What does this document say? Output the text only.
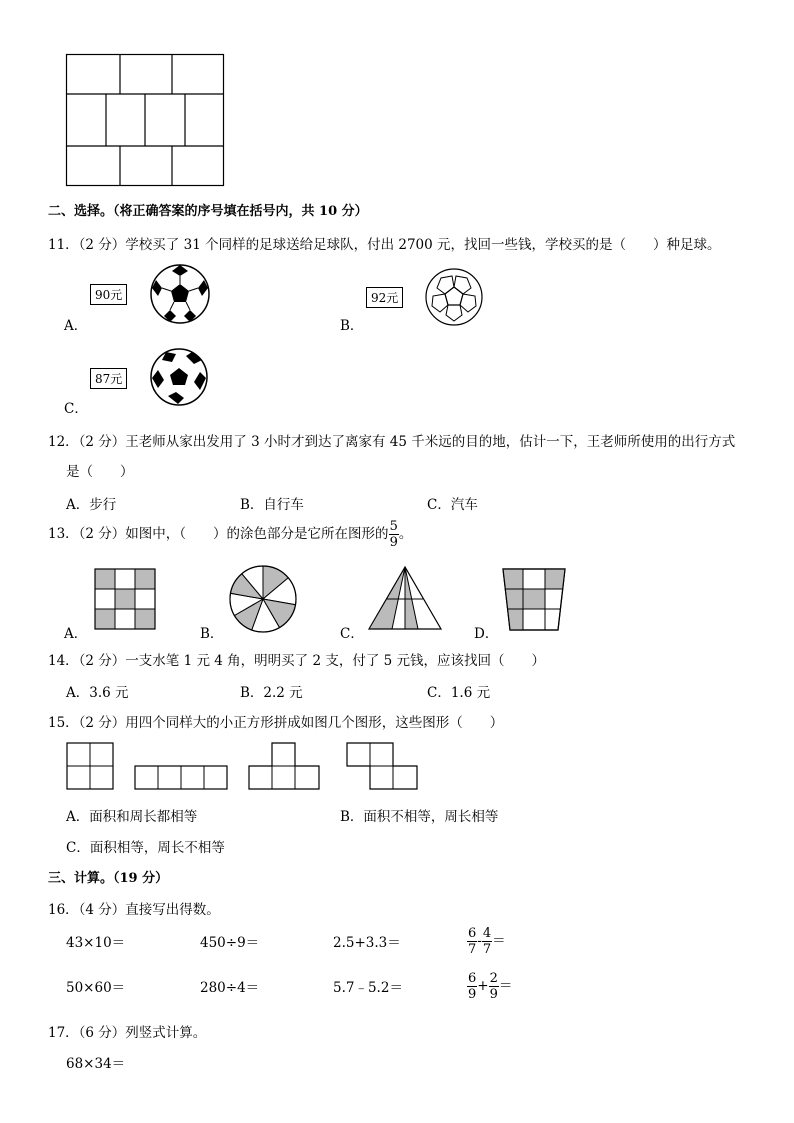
二、选择。（将正确答案的序号填在括号内，共 10 分）
11．（2 分）学校买了 31 个同样的足球送给足球队，付出 2700 元，找回一些钱，学校买的是（　　）种足球。
90元
A．
92元
B．
87元
C．
12．（2 分）王老师从家出发用了 3 小时才到达了离家有 45 千米远的目的地，估计一下，王老师所使用的出行方式
是（　　）
A．步行	B．自行车	C．汽车
13．（2 分）如图中，（　　）的涂色部分是它所在图形的 $\frac{5}{9}$ 。
A．	B．	C．	D．
14．（2 分）一支水笔 1 元 4 角，明明买了 2 支，付了 5 元钱，应该找回（　　）
A．3.6 元	B．2.2 元	C．1.6 元
15．（2 分）用四个同样大的小正方形拼成如图几个图形，这些图形（　　）
A．面积和周长都相等	B．面积不相等，周长相等
C．面积相等，周长不相等
三、计算。（19 分）
16．（4 分）直接写出得数。
43×10＝	450÷9＝	2.5+3.3＝	$\frac{6}{7} - \frac{4}{7}$ ＝
50×60＝	280÷4＝	5.7﹣5.2＝	$\frac{6}{9} + \frac{2}{9}$ ＝
17．（6 分）列竖式计算。
68×34＝
